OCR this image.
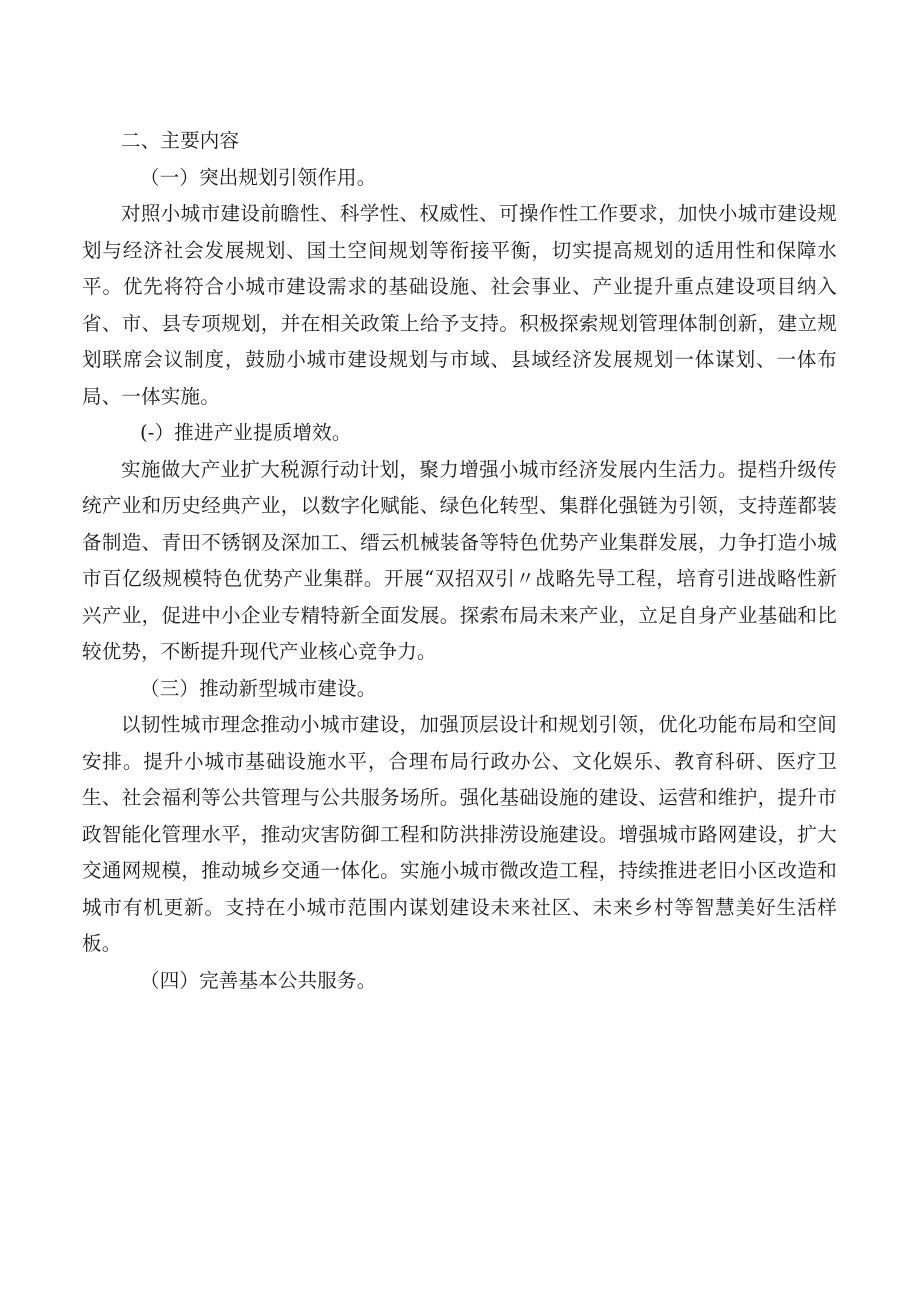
二、主要内容

（一）突出规划引领作用。

对照小城市建设前瞻性、科学性、权威性、可操作性工作要求，加快小城市建设规划与经济社会发展规划、国土空间规划等衔接平衡，切实提高规划的适用性和保障水平。优先将符合小城市建设需求的基础设施、社会事业、产业提升重点建设项目纳入省、市、县专项规划，并在相关政策上给予支持。积极探索规划管理体制创新，建立规划联席会议制度，鼓励小城市建设规划与市域、县域经济发展规划一体谋划、一体布局、一体实施。

(-）推进产业提质增效。

实施做大产业扩大税源行动计划，聚力增强小城市经济发展内生活力。提档升级传统产业和历史经典产业，以数字化赋能、绿色化转型、集群化强链为引领，支持莲都装备制造、青田不锈钢及深加工、缙云机械装备等特色优势产业集群发展，力争打造小城市百亿级规模特色优势产业集群。开展“双招双引〃战略先导工程，培育引进战略性新兴产业，促进中小企业专精特新全面发展。探索布局未来产业，立足自身产业基础和比较优势，不断提升现代产业核心竞争力。

（三）推动新型城市建设。

以韧性城市理念推动小城市建设，加强顶层设计和规划引领，优化功能布局和空间安排。提升小城市基础设施水平，合理布局行政办公、文化娱乐、教育科研、医疗卫生、社会福利等公共管理与公共服务场所。强化基础设施的建设、运营和维护，提升市政智能化管理水平，推动灾害防御工程和防洪排涝设施建设。增强城市路网建设，扩大交通网规模，推动城乡交通一体化。实施小城市微改造工程，持续推进老旧小区改造和城市有机更新。支持在小城市范围内谋划建设未来社区、未来乡村等智慧美好生活样板。

（四）完善基本公共服务。
